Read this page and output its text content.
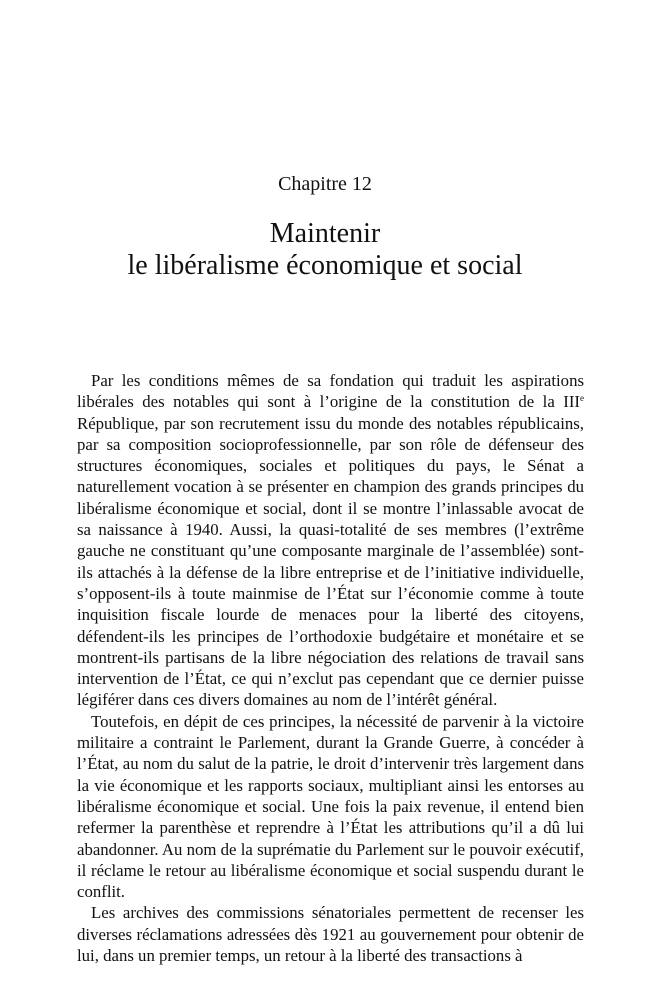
Chapitre 12
Maintenir
le libéralisme économique et social

Par les conditions mêmes de sa fondation qui traduit les aspirations libérales des notables qui sont à l’origine de la constitution de la IIIe République, par son recrutement issu du monde des notables républicains, par sa composition socioprofessionnelle, par son rôle de défenseur des structures économiques, sociales et politiques du pays, le Sénat a naturellement vocation à se présenter en champion des grands principes du libéralisme économique et social, dont il se montre l’inlassable avocat de sa naissance à 1940. Aussi, la quasi-totalité de ses membres (l’extrême gauche ne constituant qu’une composante marginale de l’assemblée) sont-ils attachés à la défense de la libre entreprise et de l’initiative individuelle, s’opposent-ils à toute mainmise de l’État sur l’économie comme à toute inquisition fiscale lourde de menaces pour la liberté des citoyens, défendent-ils les principes de l’orthodoxie budgétaire et monétaire et se montrent-ils partisans de la libre négociation des relations de travail sans intervention de l’État, ce qui n’exclut pas cependant que ce dernier puisse légiférer dans ces divers domaines au nom de l’intérêt général.

Toutefois, en dépit de ces principes, la nécessité de parvenir à la victoire militaire a contraint le Parlement, durant la Grande Guerre, à concéder à l’État, au nom du salut de la patrie, le droit d’intervenir très largement dans la vie économique et les rapports sociaux, multipliant ainsi les entorses au libéralisme économique et social. Une fois la paix revenue, il entend bien refermer la parenthèse et reprendre à l’État les attributions qu’il a dû lui abandonner. Au nom de la suprématie du Parlement sur le pouvoir exécutif, il réclame le retour au libéralisme économique et social suspendu durant le conflit.

Les archives des commissions sénatoriales permettent de recenser les diverses réclamations adressées dès 1921 au gouvernement pour obtenir de lui, dans un premier temps, un retour à la liberté des transactions à
